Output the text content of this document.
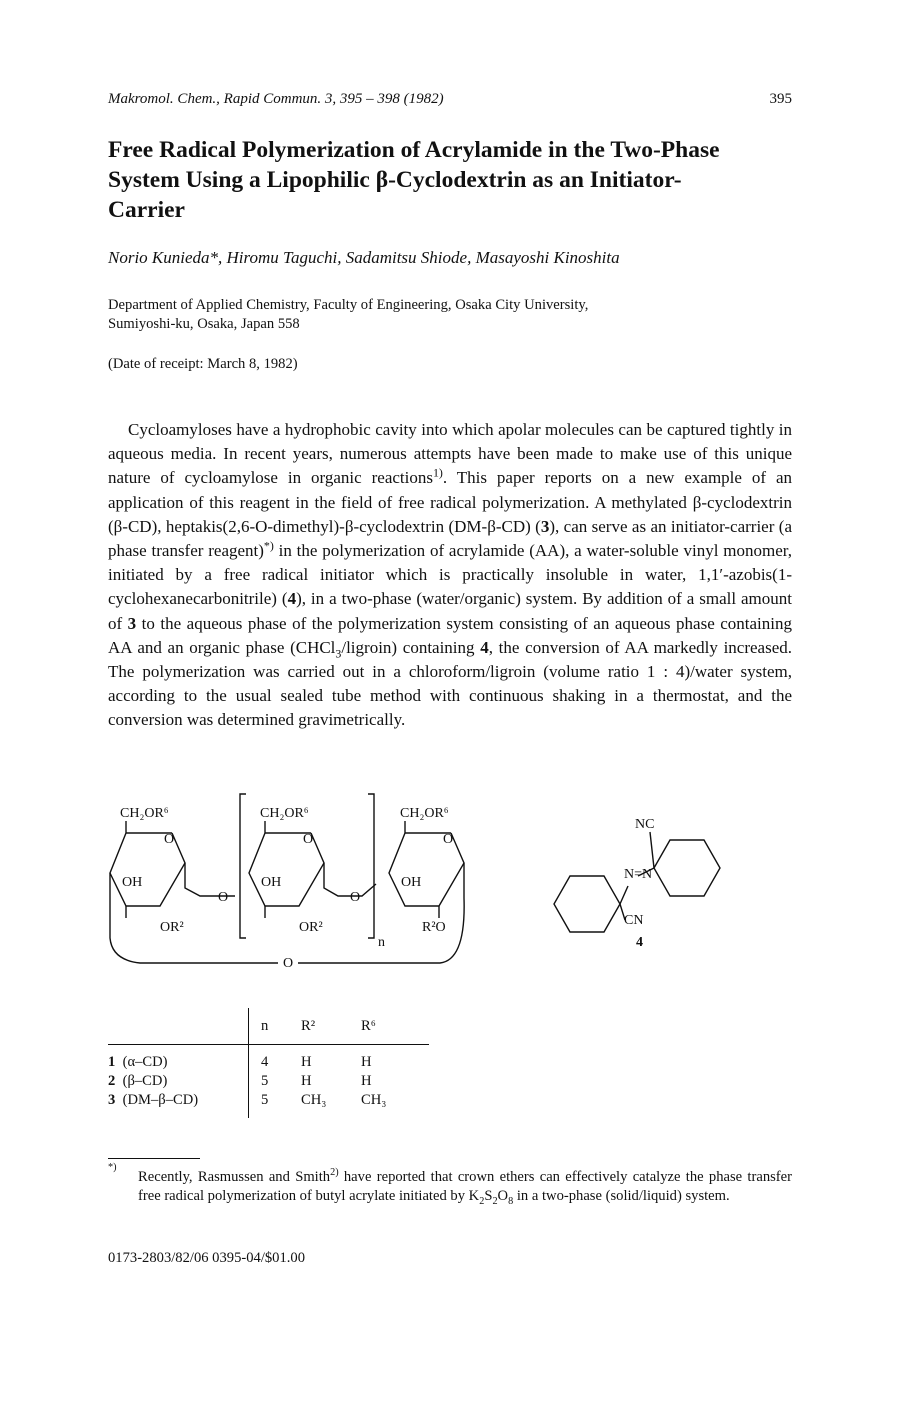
Makromol. Chem., Rapid Commun. 3, 395 – 398 (1982)	395
Free Radical Polymerization of Acrylamide in the Two-Phase
System Using a Lipophilic β-Cyclodextrin as an Initiator-
Carrier
Norio Kunieda*, Hiromu Taguchi, Sadamitsu Shiode, Masayoshi Kinoshita
Department of Applied Chemistry, Faculty of Engineering, Osaka City University,
Sumiyoshi-ku, Osaka, Japan 558
(Date of receipt: March 8, 1982)

Cycloamyloses have a hydrophobic cavity into which apolar molecules can be captured tightly in aqueous media. In recent years, numerous attempts have been made to make use of this unique nature of cycloamylose in organic reactions$^{1)}$. This paper reports on a new example of an application of this reagent in the field of free radical polymerization. A methylated β-cyclodextrin (β-CD), heptakis(2,6-O-dimethyl)-β-cyclodextrin (DM-β-CD) (3), can serve as an initiator-carrier (a phase transfer reagent)*) in the polymerization of acrylamide (AA), a water-soluble vinyl monomer, initiated by a free radical initiator which is practically insoluble in water, 1,1′-azobis(1-cyclohexanecarbonitrile) (4), in a two-phase (water/organic) system. By addition of a small amount of 3 to the aqueous phase of the polymerization system consisting of an aqueous phase containing AA and an organic phase (CHCl$_3$/ligroin) containing 4, the conversion of AA markedly increased. The polymerization was carried out in a chloroform/ligroin (volume ratio 1 : 4)/water system, according to the usual sealed tube method with continuous shaking in a thermostat, and the conversion was determined gravimetrically.

CH₂OR⁶
O
OH
OR²
O
CH₂OR⁶
O
OH
OR²
O
n
CH₂OR⁶
O
OH
R²O
O
NC
N=N
CN
4
	n	R²	R⁶
1 (α–CD)	4	H	H
2 (β–CD)	5	H	H
3 (DM–β–CD)	5	CH₃	CH₃
*)
Recently, Rasmussen and Smith$^{2)}$ have reported that crown ethers can effectively catalyze the phase transfer free radical polymerization of butyl acrylate initiated by $K_2S_2O_8$ in a two-phase (solid/liquid) system.
0173-2803/82/06 0395-04/$01.00
